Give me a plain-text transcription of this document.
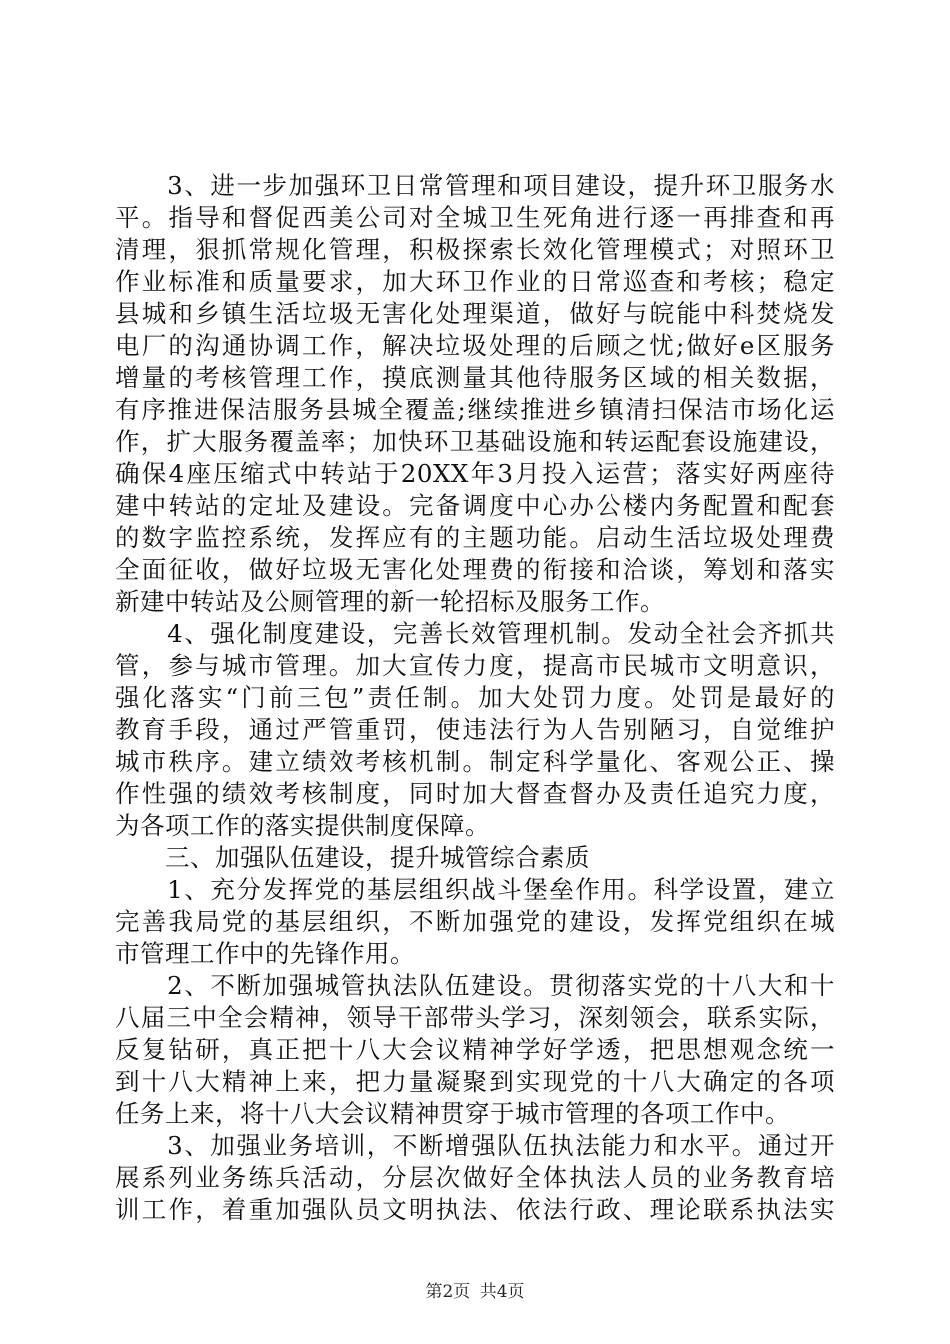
　　3、进一步加强环卫日常管理和项目建设，提升环卫服务水
平。指导和督促西美公司对全城卫生死角进行逐一再排查和再
清理，狠抓常规化管理，积极探索长效化管理模式；对照环卫
作业标准和质量要求，加大环卫作业的日常巡查和考核；稳定
县城和乡镇生活垃圾无害化处理渠道，做好与皖能中科焚烧发
电厂的沟通协调工作，解决垃圾处理的后顾之忧;做好e区服务
增量的考核管理工作，摸底测量其他待服务区域的相关数据，
有序推进保洁服务县城全覆盖;继续推进乡镇清扫保洁市场化运
作，扩大服务覆盖率；加快环卫基础设施和转运配套设施建设，
确保4座压缩式中转站于20XX年3月投入运营；落实好两座待
建中转站的定址及建设。完备调度中心办公楼内务配置和配套
的数字监控系统，发挥应有的主题功能。启动生活垃圾处理费
全面征收，做好垃圾无害化处理费的衔接和洽谈，筹划和落实
新建中转站及公厕管理的新一轮招标及服务工作。
　　4、强化制度建设，完善长效管理机制。发动全社会齐抓共
管，参与城市管理。加大宣传力度，提高市民城市文明意识，
强化落实“门前三包”责任制。加大处罚力度。处罚是最好的
教育手段，通过严管重罚，使违法行为人告别陋习，自觉维护
城市秩序。建立绩效考核机制。制定科学量化、客观公正、操
作性强的绩效考核制度，同时加大督查督办及责任追究力度，
为各项工作的落实提供制度保障。
　　三、加强队伍建设，提升城管综合素质
　　1、充分发挥党的基层组织战斗堡垒作用。科学设置，建立
完善我局党的基层组织，不断加强党的建设，发挥党组织在城
市管理工作中的先锋作用。
　　2、不断加强城管执法队伍建设。贯彻落实党的十八大和十
八届三中全会精神，领导干部带头学习，深刻领会，联系实际，
反复钻研，真正把十八大会议精神学好学透，把思想观念统一
到十八大精神上来，把力量凝聚到实现党的十八大确定的各项
任务上来，将十八大会议精神贯穿于城市管理的各项工作中。
　　3、加强业务培训，不断增强队伍执法能力和水平。通过开
展系列业务练兵活动，分层次做好全体执法人员的业务教育培
训工作，着重加强队员文明执法、依法行政、理论联系执法实
第2页 共4页
